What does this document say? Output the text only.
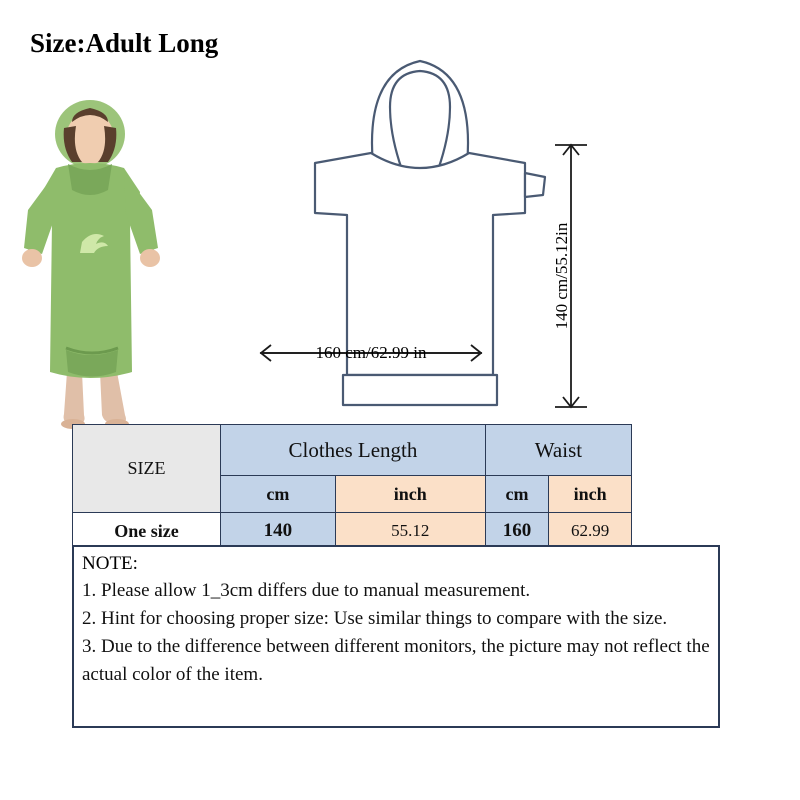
Size:Adult Long
160 cm/62.99 in
140 cm/55.12in
SIZE	Clothes Length		Waist	
	cm	inch	cm	inch
One size	140	55.12	160	62.99
NOTE:
1. Please allow 1_3cm differs due to manual measurement.
2. Hint for choosing proper size: Use similar things to compare with the size.
3. Due to the difference between different monitors, the picture may not reflect the actual color of the item.
